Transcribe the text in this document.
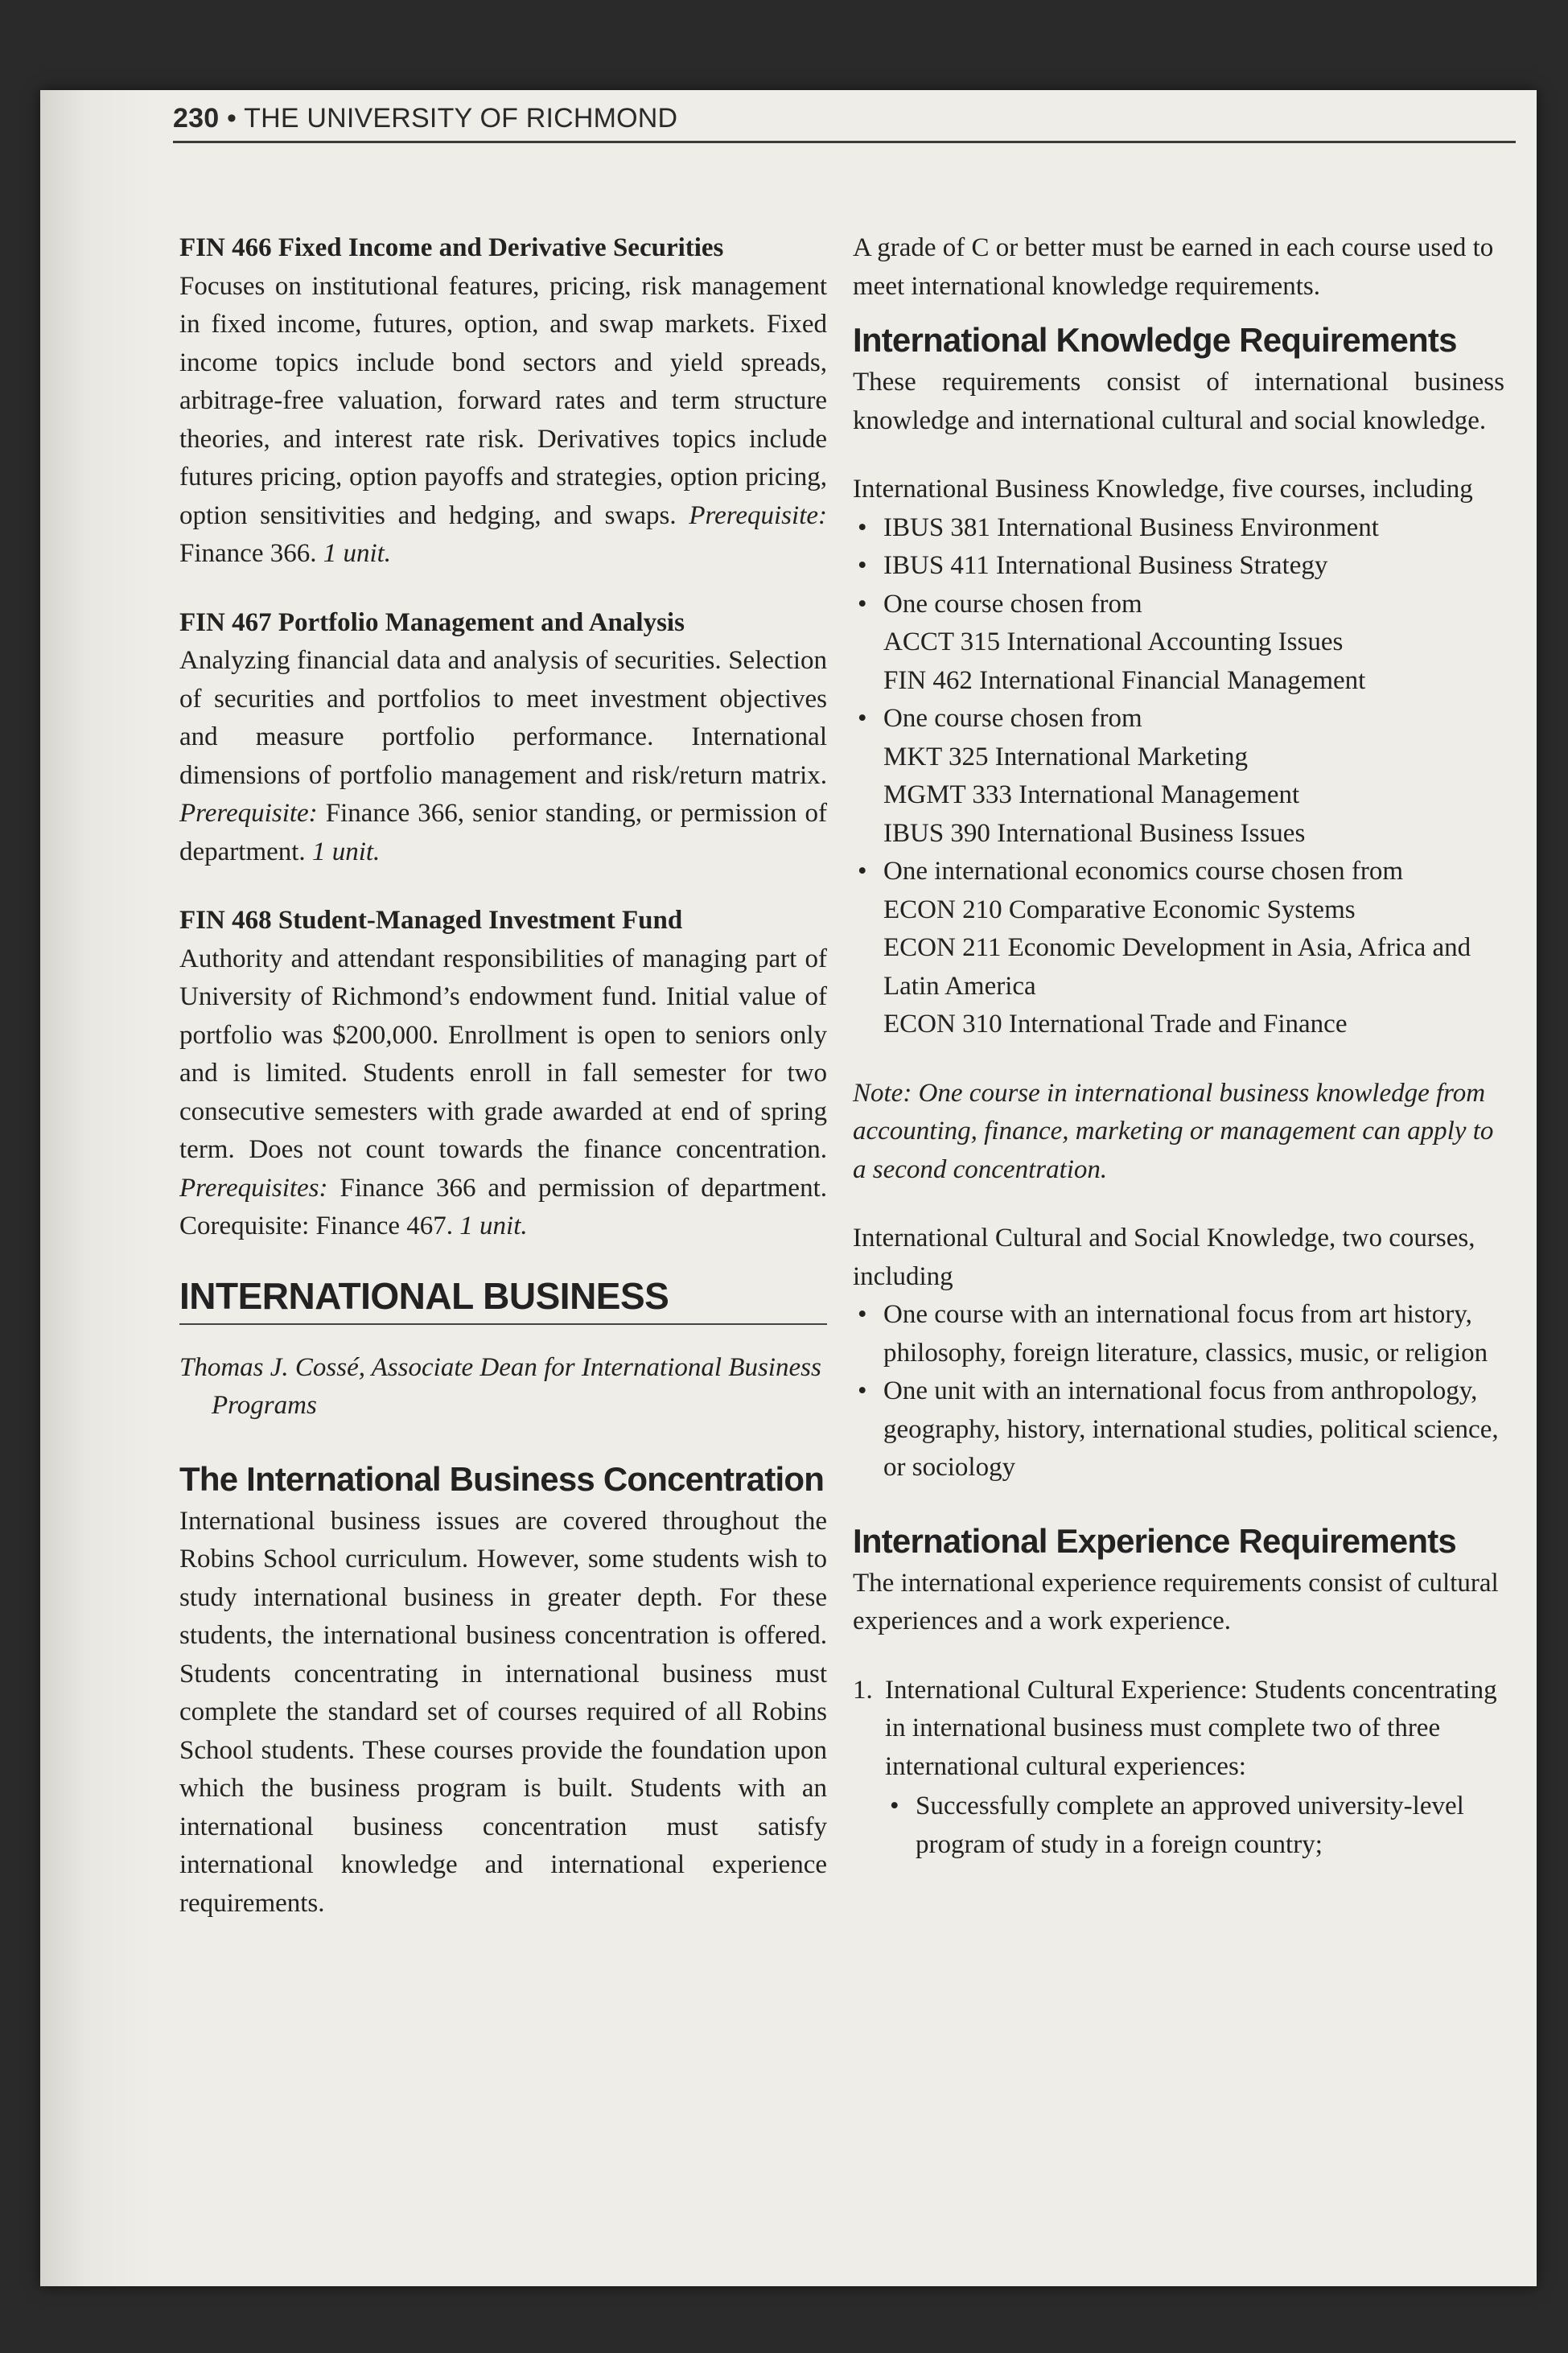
230 • THE UNIVERSITY OF RICHMOND

FIN 466 Fixed Income and Derivative Securities

Focuses on institutional features, pricing, risk management in fixed income, futures, option, and swap markets. Fixed income topics include bond sectors and yield spreads, arbitrage-free valuation, forward rates and term structure theories, and interest rate risk. Derivatives topics include futures pricing, option payoffs and strategies, option pricing, option sensitivities and hedging, and swaps. Prerequisite: Finance 366. 1 unit.

FIN 467 Portfolio Management and Analysis

Analyzing financial data and analysis of securities. Selection of securities and portfolios to meet investment objectives and measure portfolio performance. International dimensions of portfolio management and risk/return matrix. Prerequisite: Finance 366, senior standing, or permission of department. 1 unit.

FIN 468 Student-Managed Investment Fund

Authority and attendant responsibilities of managing part of University of Richmond’s endowment fund. Initial value of portfolio was $200,000. Enrollment is open to seniors only and is limited. Students enroll in fall semester for two consecutive semesters with grade awarded at end of spring term. Does not count towards the finance concentration. Prerequisites: Finance 366 and permission of department. Corequisite: Finance 467. 1 unit.

INTERNATIONAL BUSINESS

Thomas J. Cossé, Associate Dean for International Business Programs

The International Business Concentration

International business issues are covered throughout the Robins School curriculum. However, some students wish to study international business in greater depth. For these students, the international business concentration is offered. Students concentrating in international business must complete the standard set of courses required of all Robins School students. These courses provide the foundation upon which the business program is built. Students with an international business concentration must satisfy international knowledge and international experience requirements.

A grade of C or better must be earned in each course used to meet international knowledge requirements.

International Knowledge Requirements

These requirements consist of international business knowledge and international cultural and social knowledge.

International Business Knowledge, five courses, including

• IBUS 381 International Business Environment
• IBUS 411 International Business Strategy
• One course chosen from
ACCT 315 International Accounting Issues
FIN 462 International Financial Management
• One course chosen from
MKT 325 International Marketing
MGMT 333 International Management
IBUS 390 International Business Issues
• One international economics course chosen from
ECON 210 Comparative Economic Systems
ECON 211 Economic Development in Asia, Africa and Latin America
ECON 310 International Trade and Finance

Note: One course in international business knowledge from accounting, finance, marketing or management can apply to a second concentration.

International Cultural and Social Knowledge, two courses, including

• One course with an international focus from art history, philosophy, foreign literature, classics, music, or religion
• One unit with an international focus from anthropology, geography, history, international studies, political science, or sociology
International Experience Requirements

The international experience requirements consist of cultural experiences and a work experience.

1. International Cultural Experience: Students concentrating in international business must complete two of three international cultural experiences:
• Successfully complete an approved university-level program of study in a foreign country;
